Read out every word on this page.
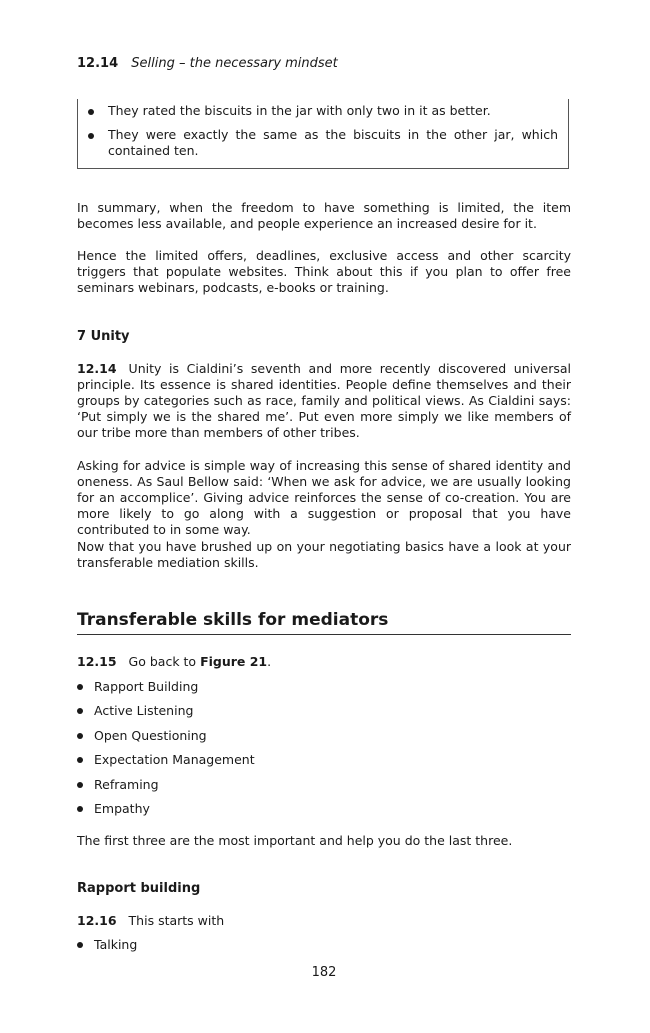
12.14 Selling – the necessary mindset
They rated the biscuits in the jar with only two in it as better.
They were exactly the same as the biscuits in the other jar, which contained ten.

In summary, when the freedom to have something is limited, the item becomes less available, and people experience an increased desire for it.

Hence the limited offers, deadlines, exclusive access and other scarcity triggers that populate websites. Think about this if you plan to offer free seminars webinars, podcasts, e-books or training.

7 Unity

12.14 Unity is Cialdini’s seventh and more recently discovered universal principle. Its essence is shared identities. People define themselves and their groups by categories such as race, family and political views. As Cialdini says: ‘Put simply we is the shared me’. Put even more simply we like members of our tribe more than members of other tribes.

Asking for advice is simple way of increasing this sense of shared identity and oneness. As Saul Bellow said: ‘When we ask for advice, we are usually looking for an accomplice’. Giving advice reinforces the sense of co-creation. You are more likely to go along with a suggestion or proposal that you have contributed to in some way.

Now that you have brushed up on your negotiating basics have a look at your transferable mediation skills.

Transferable skills for mediators

12.15 Go back to Figure 21.

Rapport Building
Active Listening
Open Questioning
Expectation Management
Reframing
Empathy

The first three are the most important and help you do the last three.

Rapport building

12.16 This starts with

Talking
182
